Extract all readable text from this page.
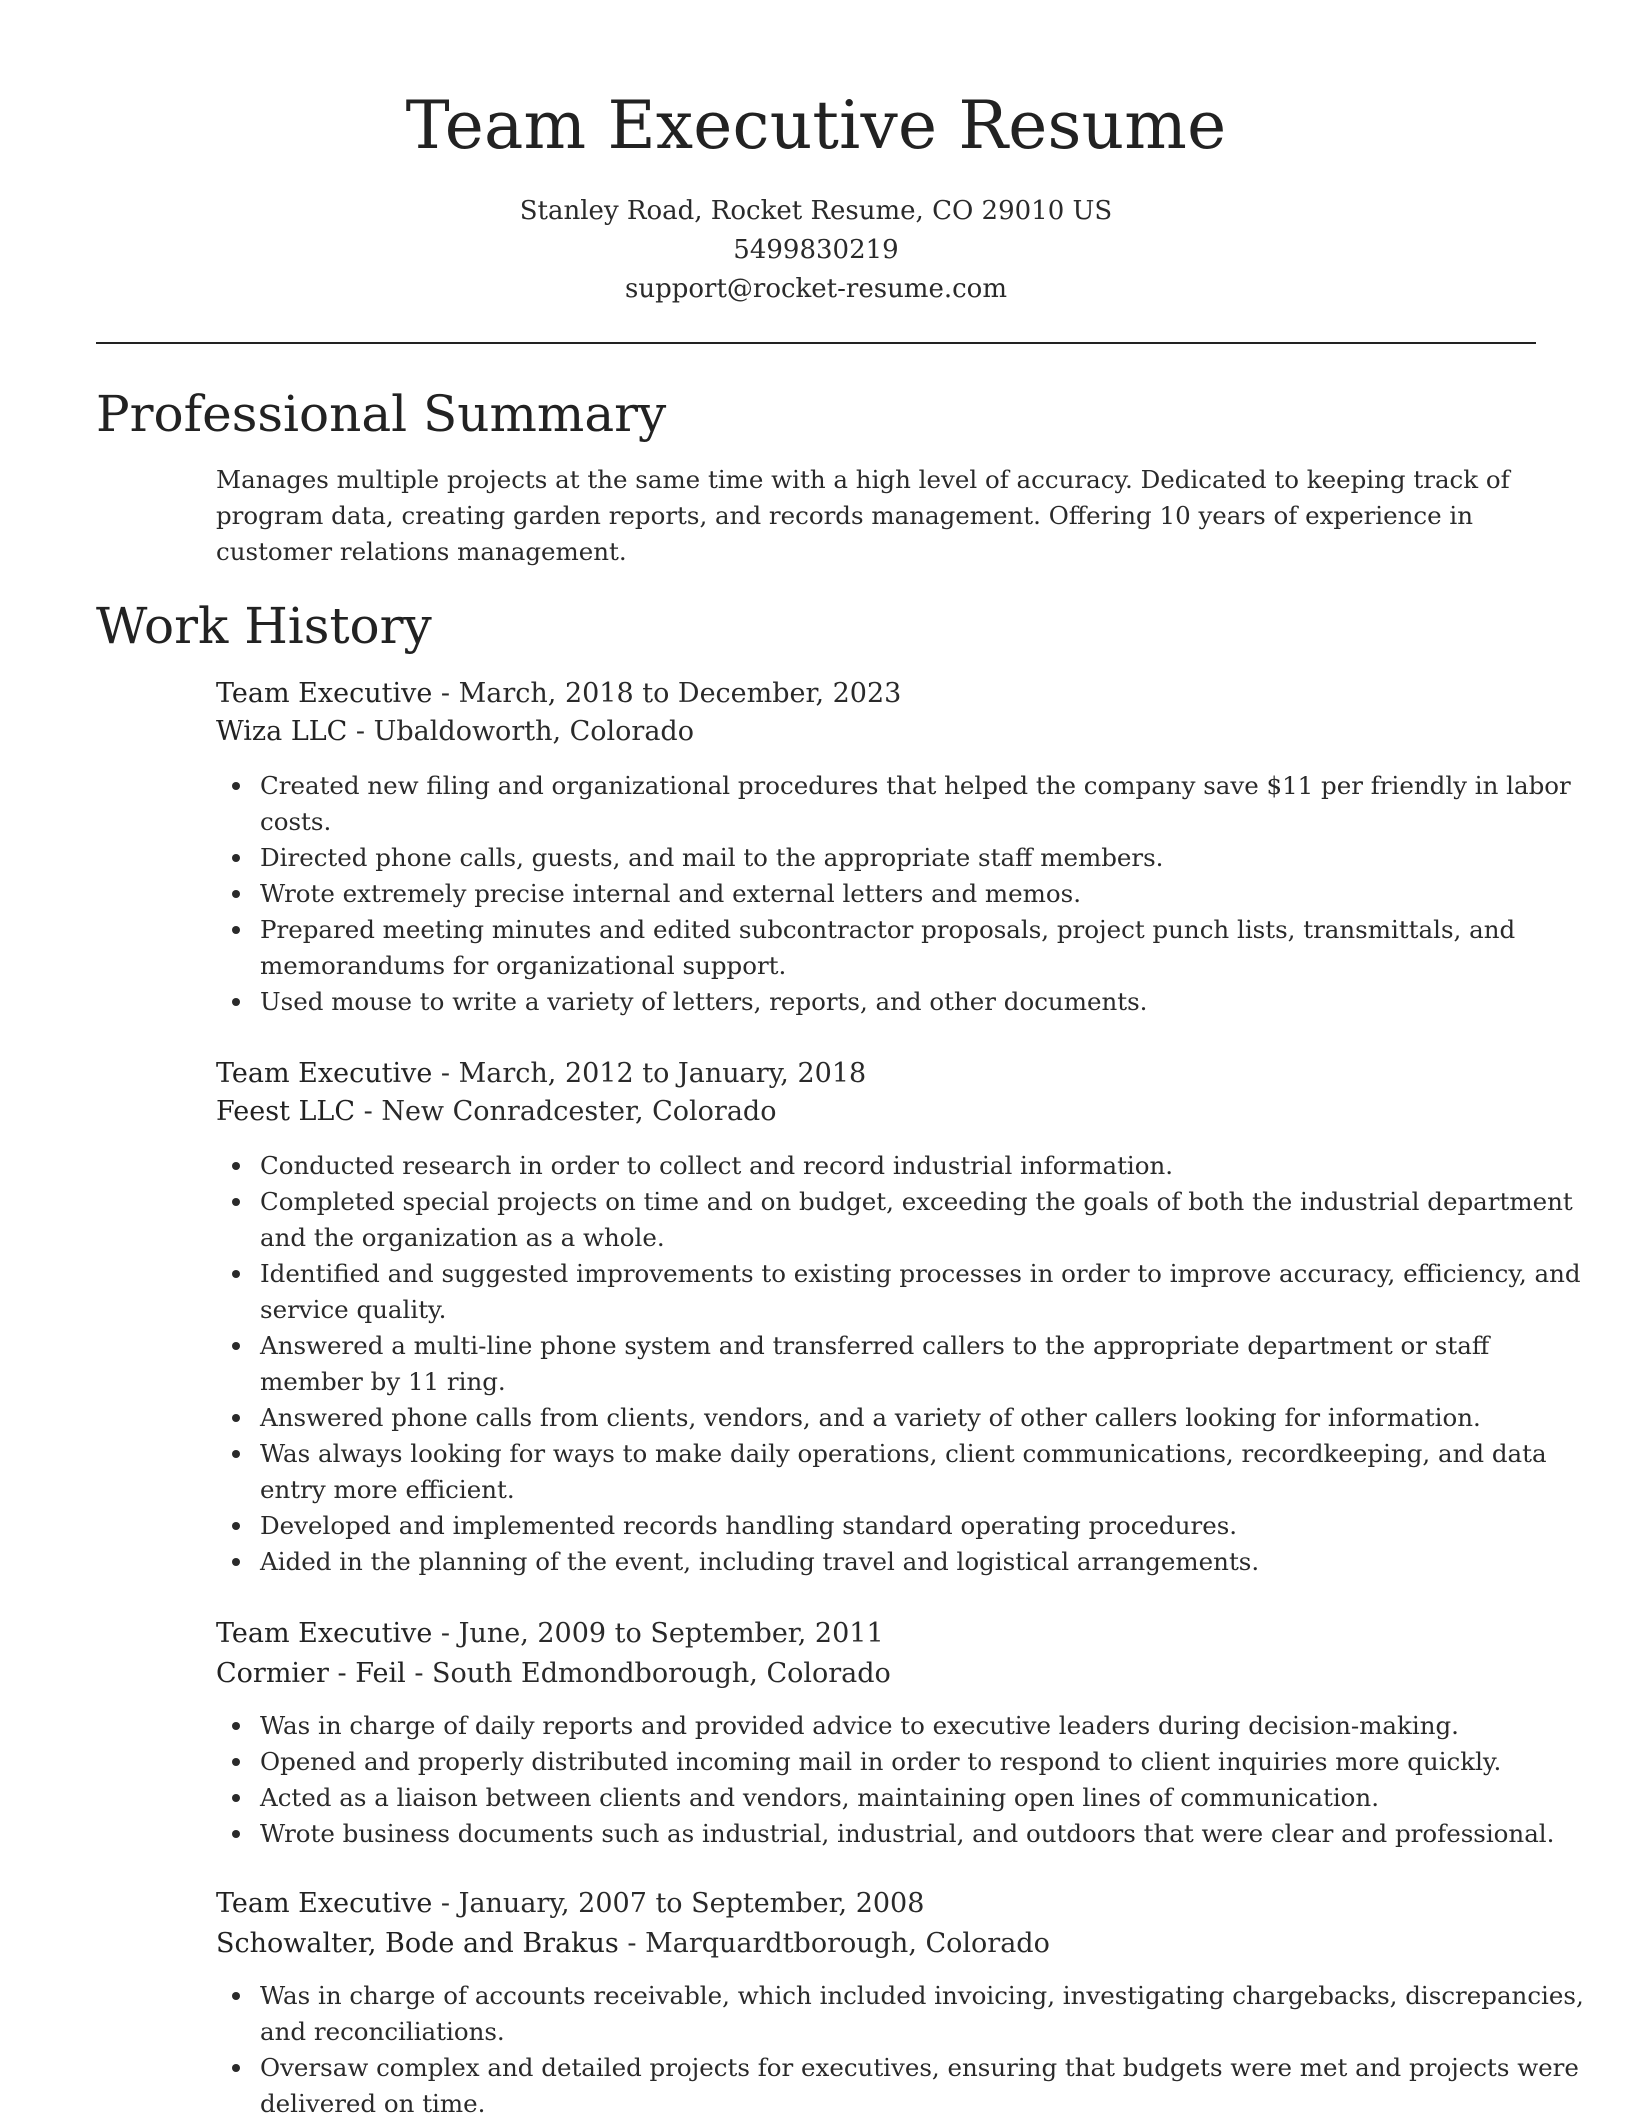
Team Executive Resume
Stanley Road, Rocket Resume, CO 29010 US
5499830219
support@rocket-resume.com
Professional Summary

Manages multiple projects at the same time with a high level of accuracy. Dedicated to keeping track of program data, creating garden reports, and records management. Offering 10 years of experience in customer relations management.

Work History
Team Executive - March, 2018 to December, 2023
Wiza LLC - Ubaldoworth, Colorado
Created new filing and organizational procedures that helped the company save $11 per friendly in labor costs.
Directed phone calls, guests, and mail to the appropriate staff members.
Wrote extremely precise internal and external letters and memos.
Prepared meeting minutes and edited subcontractor proposals, project punch lists, transmittals, and memorandums for organizational support.
Used mouse to write a variety of letters, reports, and other documents.
Team Executive - March, 2012 to January, 2018
Feest LLC - New Conradcester, Colorado
Conducted research in order to collect and record industrial information.
Completed special projects on time and on budget, exceeding the goals of both the industrial department and the organization as a whole.
Identified and suggested improvements to existing processes in order to improve accuracy, efficiency, and service quality.
Answered a multi-line phone system and transferred callers to the appropriate department or staff member by 11 ring.
Answered phone calls from clients, vendors, and a variety of other callers looking for information.
Was always looking for ways to make daily operations, client communications, recordkeeping, and data entry more efficient.
Developed and implemented records handling standard operating procedures.
Aided in the planning of the event, including travel and logistical arrangements.
Team Executive - June, 2009 to September, 2011
Cormier - Feil - South Edmondborough, Colorado
Was in charge of daily reports and provided advice to executive leaders during decision-making.
Opened and properly distributed incoming mail in order to respond to client inquiries more quickly.
Acted as a liaison between clients and vendors, maintaining open lines of communication.
Wrote business documents such as industrial, industrial, and outdoors that were clear and professional.
Team Executive - January, 2007 to September, 2008
Schowalter, Bode and Brakus - Marquardtborough, Colorado
Was in charge of accounts receivable, which included invoicing, investigating chargebacks, discrepancies, and reconciliations.
Oversaw complex and detailed projects for executives, ensuring that budgets were met and projects were delivered on time.
